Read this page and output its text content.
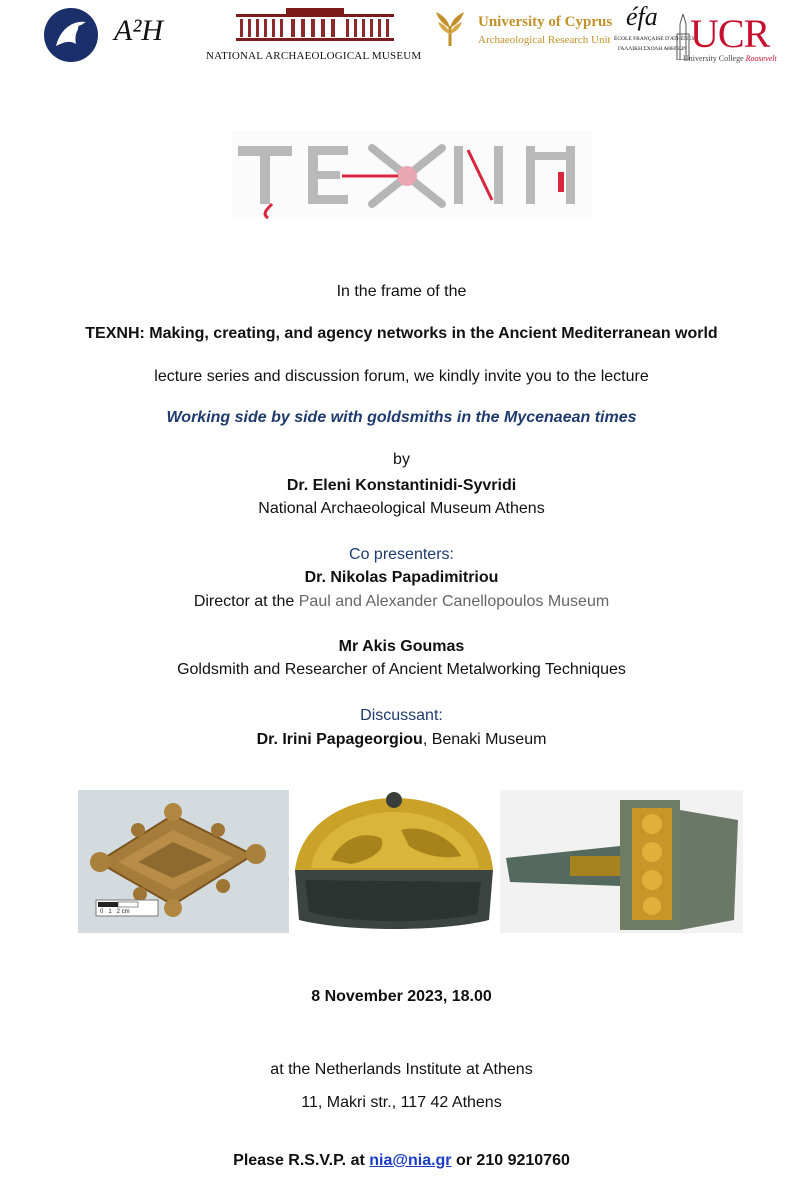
A²H
NATIONAL ARCHAEOLOGICAL MUSEUM
University of Cyprus
Archaeological Research Unit
éfa
ÉCOLE FRANÇAISE D'ATHÈNES
ΓΑΛΛΙΚΗ ΣΧΟΛΗ ΑΘΗΝΩΝ UCR
University College Roosevelt
TEXNH
In the frame of the
TEXNH: Making, creating, and agency networks in the Ancient Mediterranean world
lecture series and discussion forum, we kindly invite you to the lecture
Working side by side with goldsmiths in the Mycenaean times
by
Dr. Eleni Konstantinidi-Syvridi
National Archaeological Museum Athens
Co presenters:
Dr. Nikolas Papadimitriou
Director at the Paul and Alexander Canellopoulos Museum
Mr Akis Goumas
Goldsmith and Researcher of Ancient Metalworking Techniques
Discussant:
Dr. Irini Papageorgiou, Benaki Museum
0   1   2 cm
8 November 2023, 18.00
at the Netherlands Institute at Athens
11, Makri str., 117 42 Athens
Please R.S.V.P. at nia@nia.gr or 210 9210760
